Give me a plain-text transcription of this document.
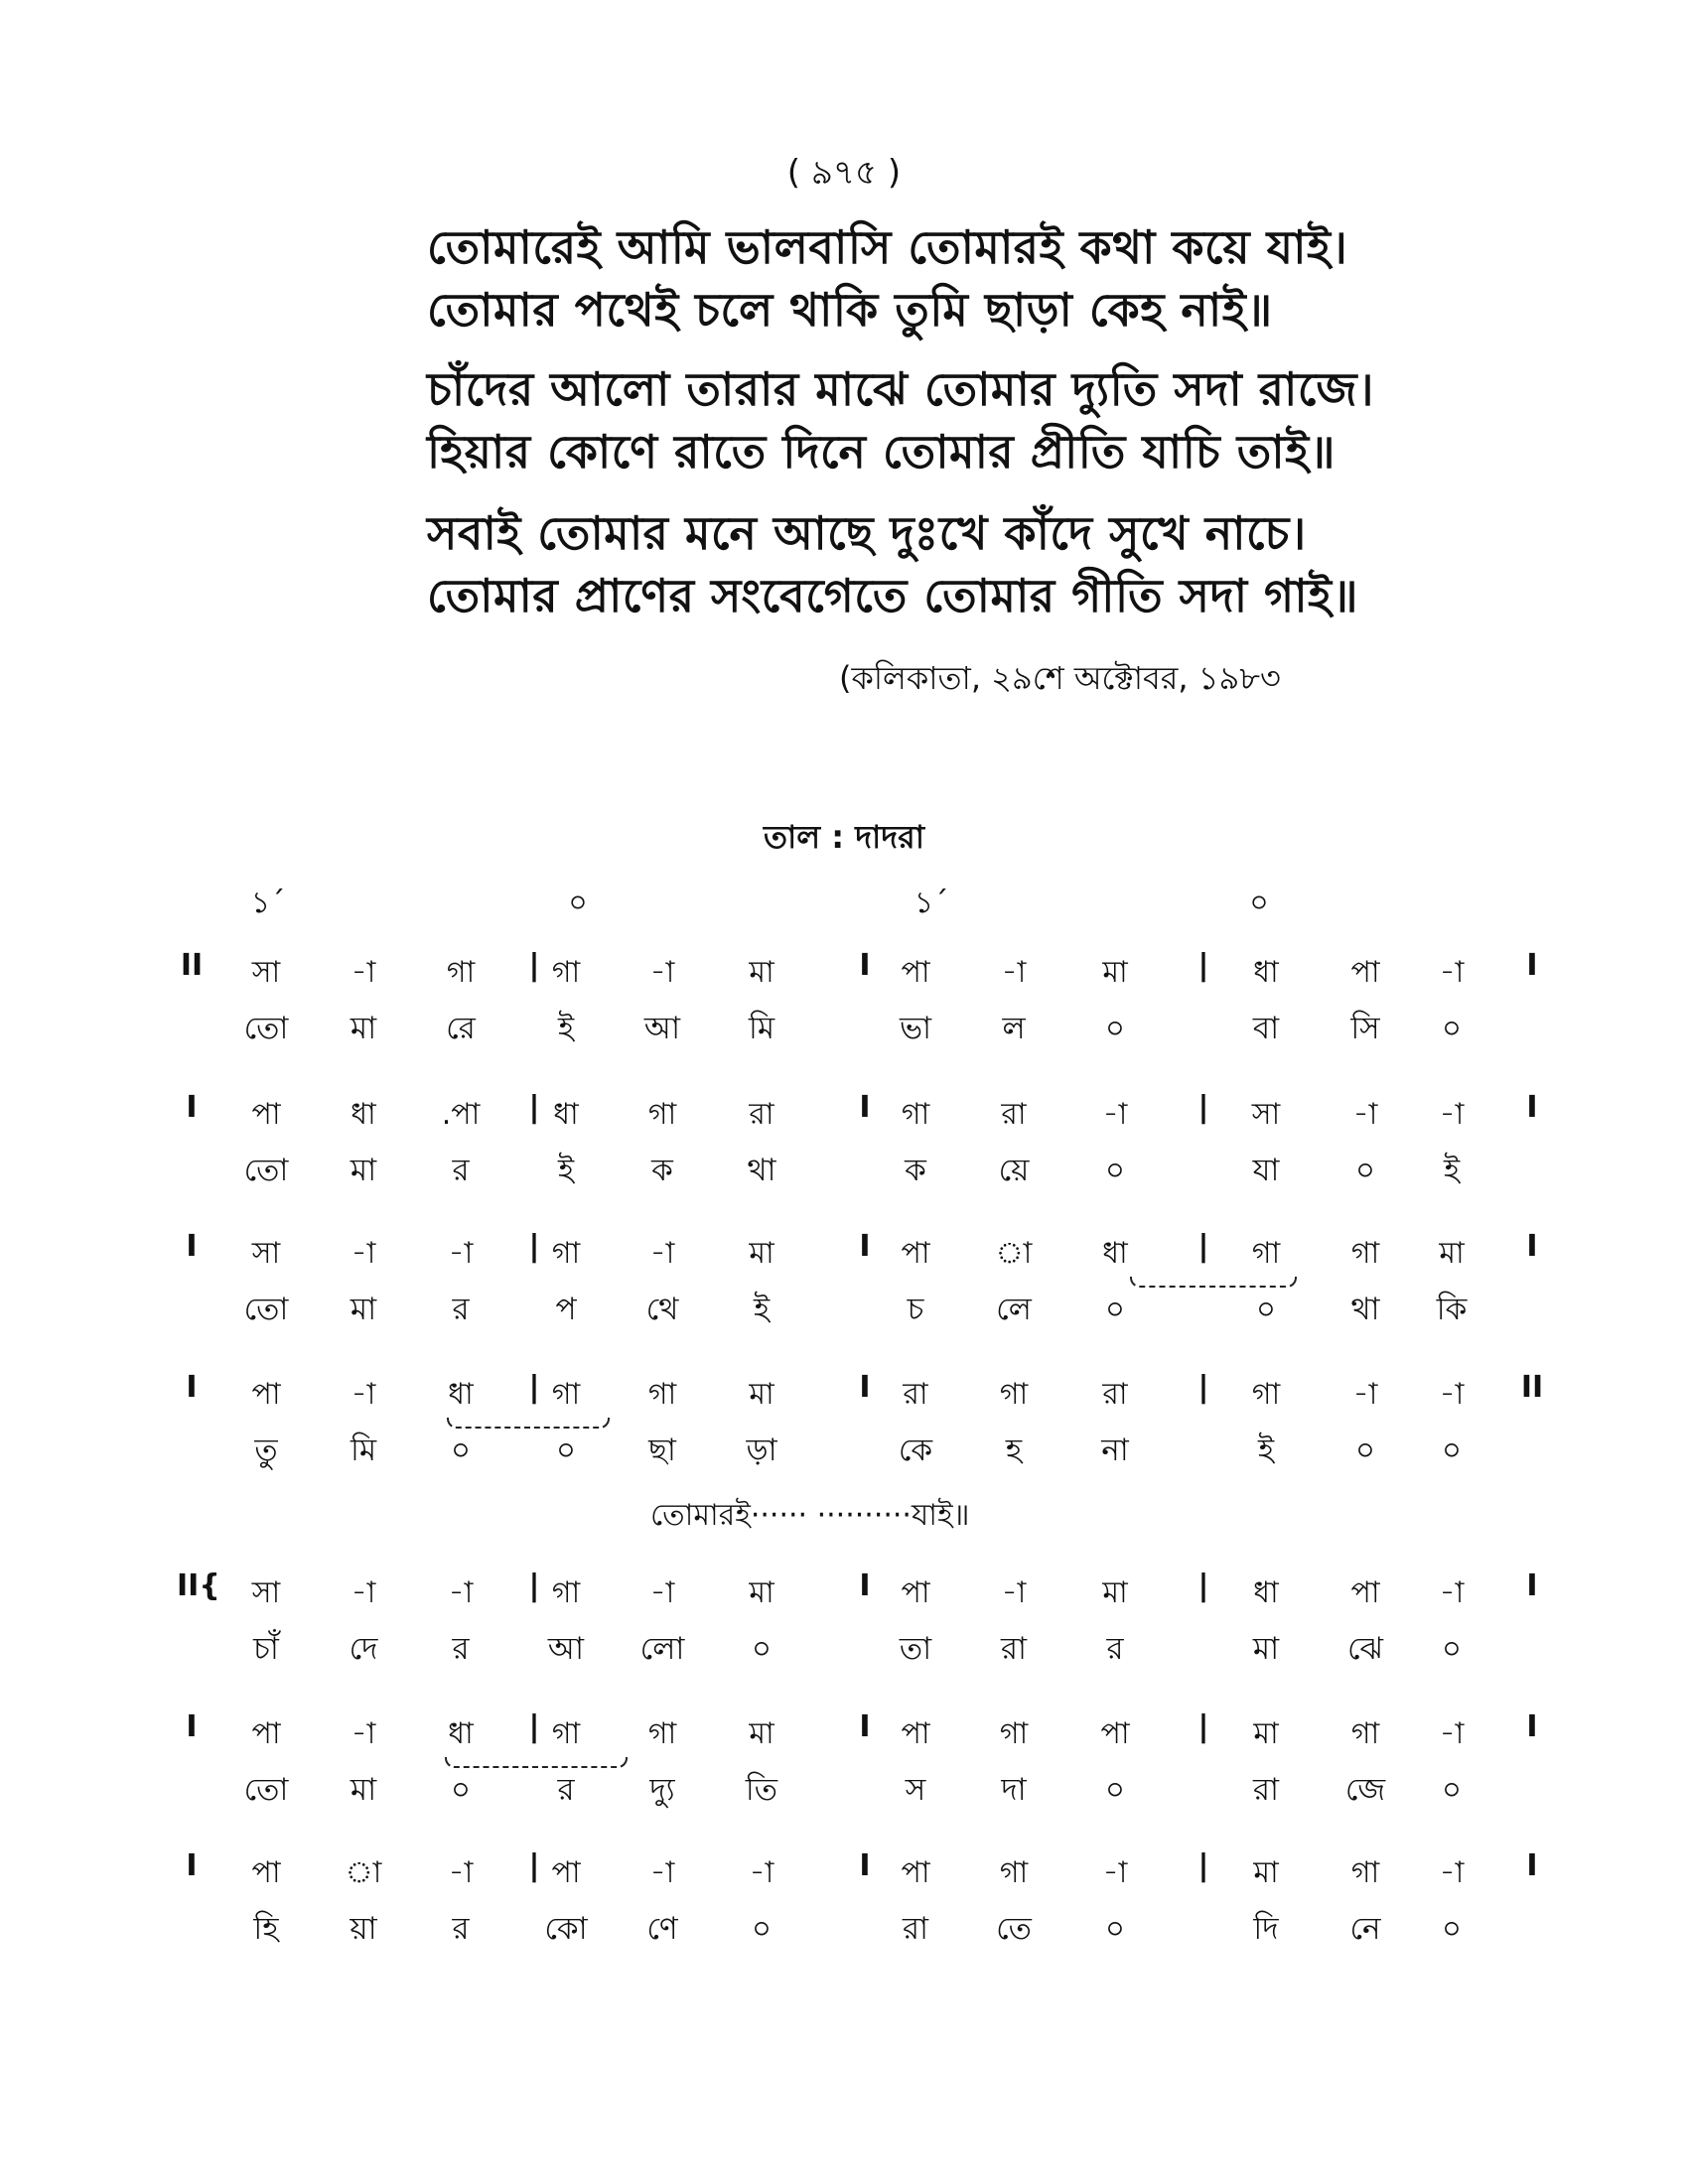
( ৯৭৫ )
তোমারেই আমি ভালবাসি তোমারই কথা কয়ে যাই।
তোমার পথেই চলে থাকি তুমি ছাড়া কেহ নাই॥
চাঁদের আলো তারার মাঝে তোমার দ্যুতি সদা রাজে।
হিয়ার কোণে রাতে দিনে তোমার প্রীতি যাচি তাই॥
সবাই তোমার মনে আছে দুঃখে কাঁদে সুখে নাচে।
তোমার প্রাণের সংবেগেতে তোমার গীতি সদা গাই॥
(কলিকাতা, ২৯শে অক্টোবর, ১৯৮৩
তাল : দাদরা
১´	০	১´	০
II	I
|	I	|
সা	-া	গা	গা	-া	মা	পা	-া	মা	ধা	পা	-া
তো	মা	রে	ই	আ	মি	ভা	ল	০	বা	সি	০
I	I
|	I	|
পা	ধা	.পা	ধা	গা	রা	গা	রা	-া	সা	-া	-া
তো	মা	র	ই	ক	থা	ক	য়ে	০	যা	০	ই
I	I
|	I	|
সা	-া	-া	গা	-া	মা	পা	া	ধা	গা	গা	মা
তো	মা	র	প	থে	ই	চ	লে	০	০	থা	কি
I	II
|	I	|
পা	-া	ধা	গা	গা	মা	রা	গা	রা	গা	-া	-া
তু	মি	০	০	ছা	ড়া	কে	হ	না	ই	০	০
II{	I
|	I	|
সা	-া	-া	গা	-া	মা	পা	-া	মা	ধা	পা	-া
চাঁ	দে	র	আ	লো	০	তা	রা	র	মা	ঝে	০
I	I
|	I	|
পা	-া	ধা	গা	গা	মা	পা	গা	পা	মা	গা	-া
তো	মা	০	র	দ্যু	তি	স	দা	০	রা	জে	০
I	I
|	I	|
পা	া	-া	পা	-া	-া	পা	গা	-া	মা	গা	-া
হি	য়া	র	কো	ণে	০	রা	তে	০	দি	নে	০
তোমারই······ ··········যাই॥
